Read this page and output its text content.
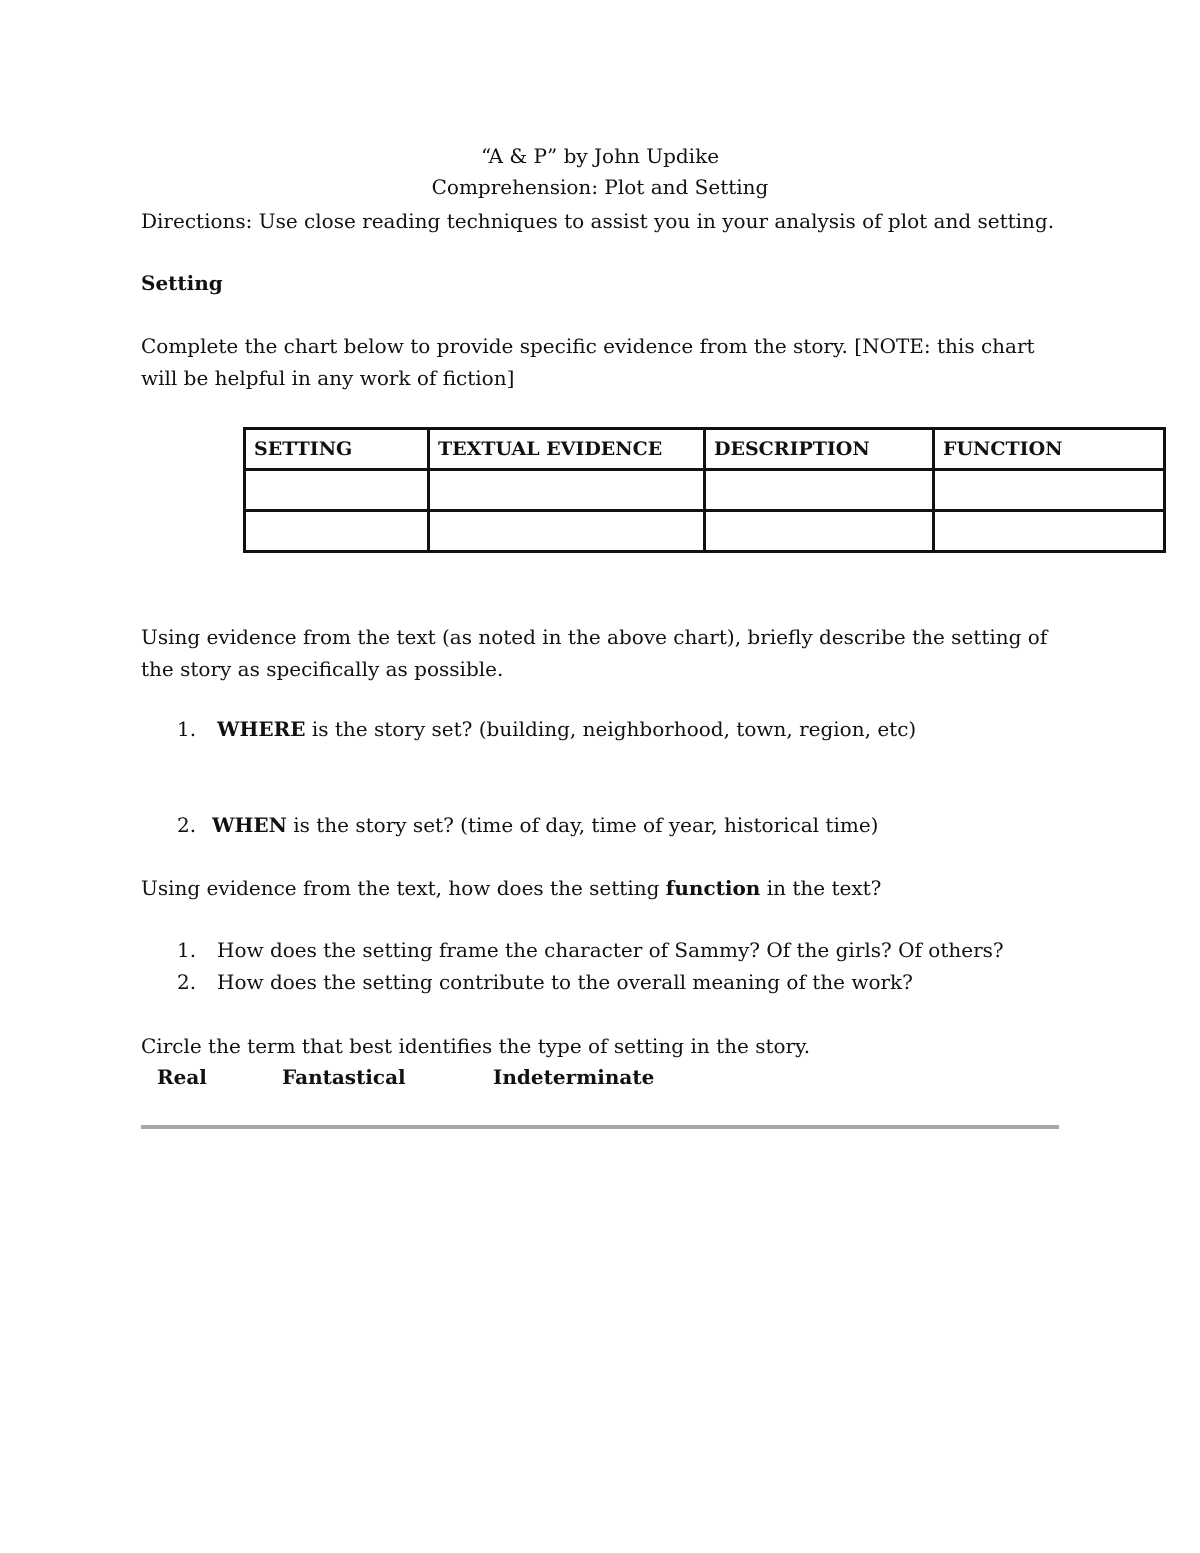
“A & P” by John Updike
Comprehension: Plot and Setting
Directions: Use close reading techniques to assist you in your analysis of plot and setting.
Setting
Complete the chart below to provide specific evidence from the story. [NOTE: this chart
will be helpful in any work of fiction]
SETTING	TEXTUAL EVIDENCE	DESCRIPTION	FUNCTION

Using evidence from the text (as noted in the above chart), briefly describe the setting of
the story as specifically as possible.
1. WHERE is the story set? (building, neighborhood, town, region, etc)
2. WHEN is the story set? (time of day, time of year, historical time)
Using evidence from the text, how does the setting function in the text?
1. How does the setting frame the character of Sammy? Of the girls? Of others?
2. How does the setting contribute to the overall meaning of the work?
Circle the term that best identifies the type of setting in the story.
Real	Fantastical	Indeterminate
